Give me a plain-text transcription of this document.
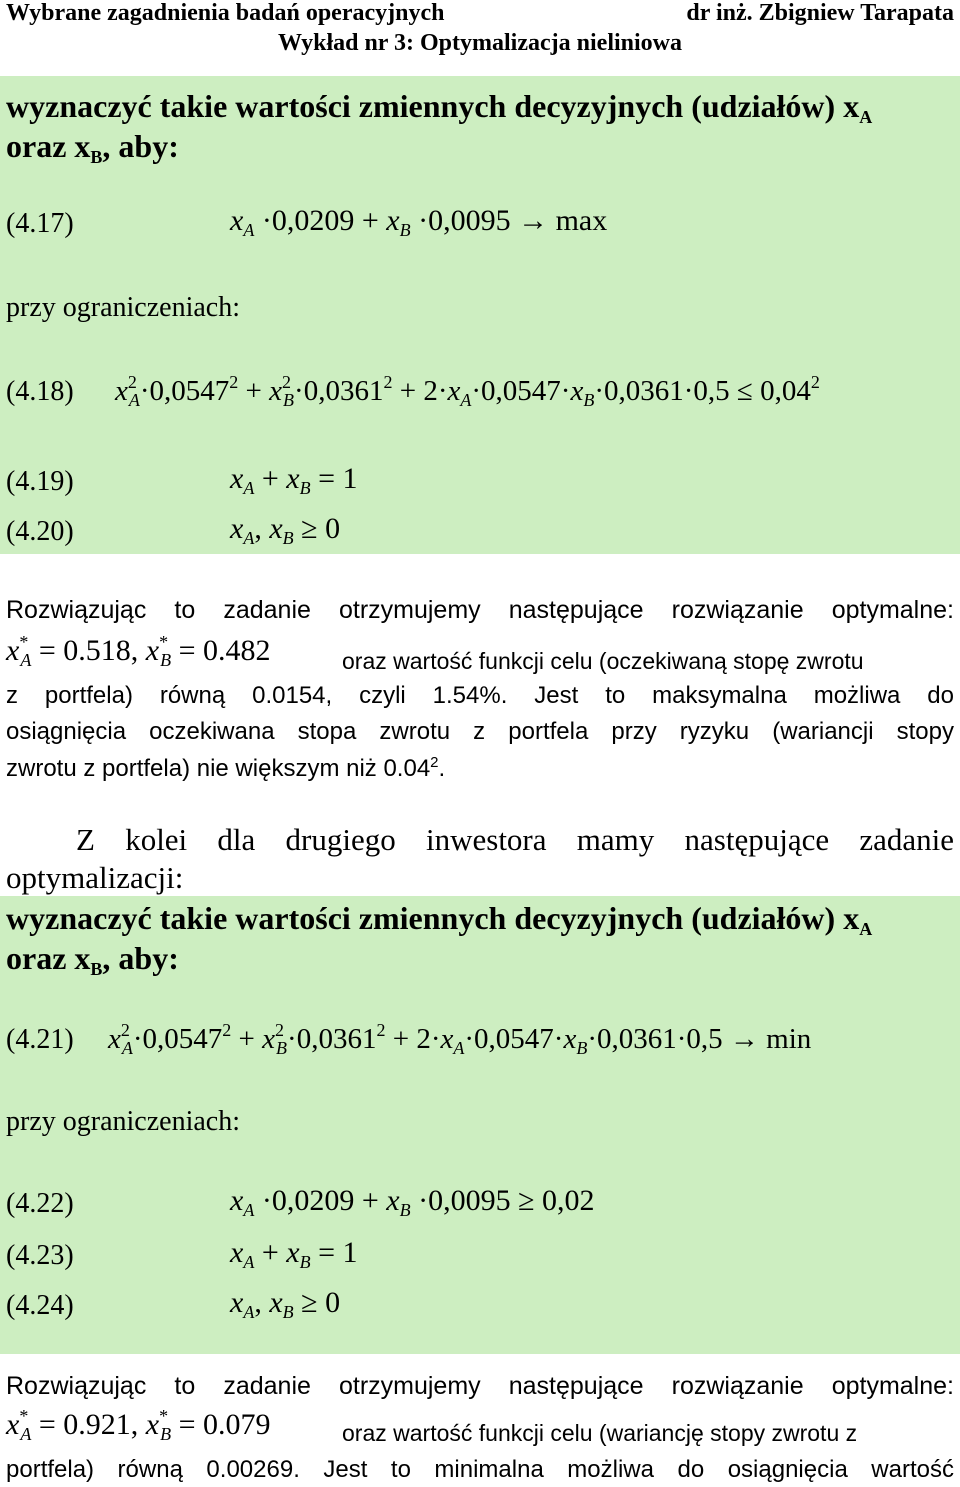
Wybrane zagadnienia badań operacyjnych	dr inż. Zbigniew Tarapata
Wykład nr 3: Optymalizacja nieliniowa
wyznaczyć takie wartości zmiennych decyzyjnych (udziałów) $x_A$
oraz $x_B$, aby:
(4.17)	$x_A \cdot 0,0209 + x_B \cdot 0,0095 \to \max$
przy ograniczeniach:
(4.18) $x^2_A\cdot 0,0547^2 + x^2_B\cdot 0,0361^2 + 2\cdot x_A\cdot 0,0547\cdot x_B\cdot 0,0361\cdot 0,5 \le 0,04^2$
(4.19)	$x_A + x_B = 1$
(4.20)	$x_A$, $x_B \ge 0$
Rozwiązując to zadanie otrzymujemy następujące rozwiązanie optymalne:
$x^*_A = 0.518$, $x^*_B = 0.482$	oraz wartość funkcji celu (oczekiwaną stopę zwrotu
z portfela) równą 0.0154, czyli 1.54%. Jest to maksymalna możliwa do
osiągnięcia oczekiwana stopa zwrotu z portfela przy ryzyku (wariancji stopy
zwrotu z portfela) nie większym niż 0.04$^2$.
Z kolei dla drugiego inwestora mamy następujące zadanie
optymalizacji:
wyznaczyć takie wartości zmiennych decyzyjnych (udziałów) $x_A$
oraz $x_B$, aby:
(4.21) $x^2_A\cdot 0,0547^2 + x^2_B\cdot 0,0361^2 + 2\cdot x_A\cdot 0,0547\cdot x_B\cdot 0,0361\cdot 0,5 \to \min$
przy ograniczeniach:
(4.22)	$x_A \cdot 0,0209 + x_B \cdot 0,0095 \ge 0,02$
(4.23)	$x_A + x_B = 1$
(4.24)	$x_A$, $x_B \ge 0$
Rozwiązując to zadanie otrzymujemy następujące rozwiązanie optymalne:
$x^*_A = 0.921$, $x^*_B = 0.079$	oraz wartość funkcji celu (wariancję stopy zwrotu z
portfela) równą 0.00269. Jest to minimalna możliwa do osiągnięcia wartość
